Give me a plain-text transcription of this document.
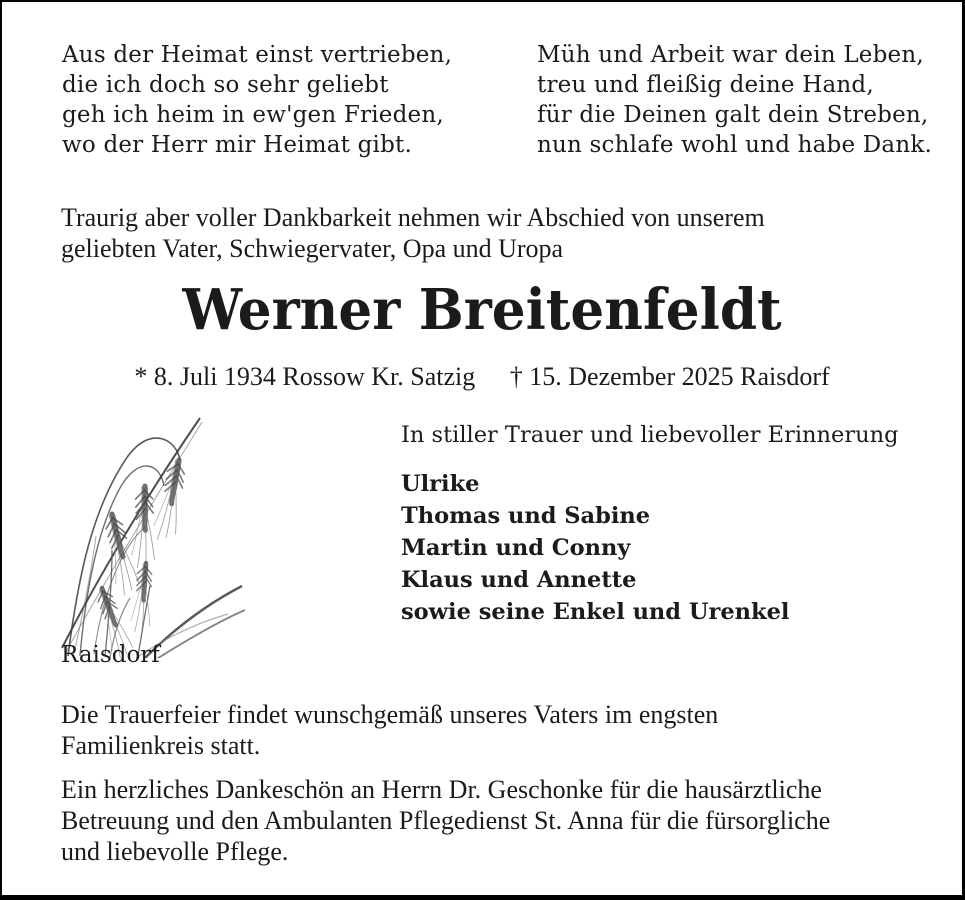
Aus der Heimat einst vertrieben,
die ich doch so sehr geliebt
geh ich heim in ew'gen Frieden,
wo der Herr mir Heimat gibt.
Müh und Arbeit war dein Leben,
treu und fleißig deine Hand,
für die Deinen galt dein Streben,
nun schlafe wohl und habe Dank.
Traurig aber voller Dankbarkeit nehmen wir Abschied von unserem
geliebten Vater, Schwiegervater, Opa und Uropa
Werner Breitenfeldt
* 8. Juli 1934 Rossow Kr. Satzig † 15. Dezember 2025 Raisdorf
In stiller Trauer und liebevoller Erinnerung
Ulrike
Thomas und Sabine
Martin und Conny
Klaus und Annette
sowie seine Enkel und Urenkel
Raisdorf
Die Trauerfeier findet wunschgemäß unseres Vaters im engsten
Familienkreis statt.
Ein herzliches Dankeschön an Herrn Dr. Geschonke für die hausärztliche
Betreuung und den Ambulanten Pflegedienst St. Anna für die fürsorgliche
und liebevolle Pflege.
